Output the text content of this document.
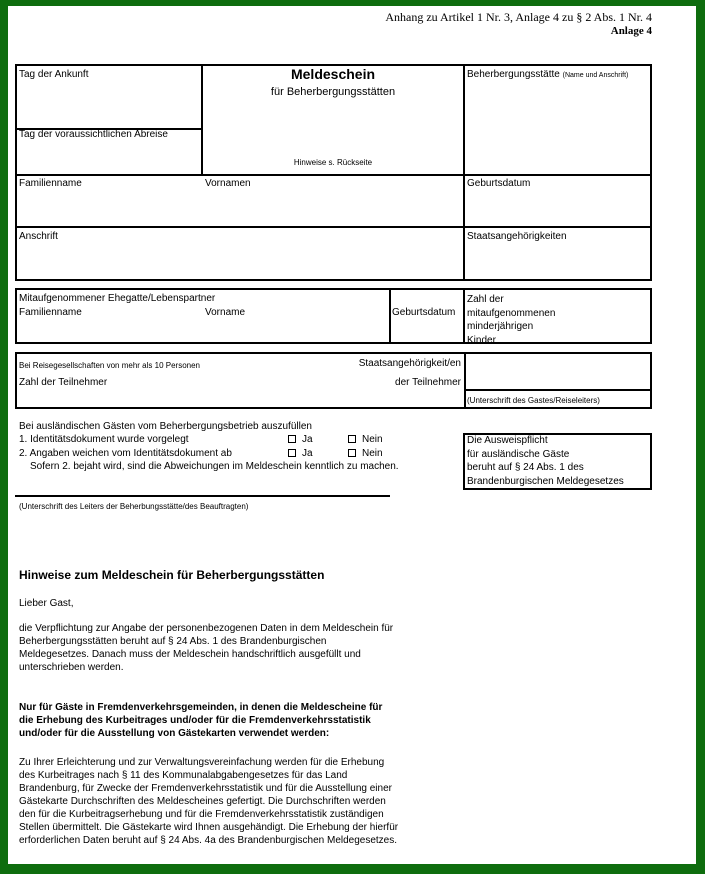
Anhang zu Artikel 1 Nr. 3, Anlage 4 zu § 2 Abs. 1 Nr. 4
Anlage 4
Tag der Ankunft
Tag der voraussichtlichen Abreise
Meldeschein
für Beherbergungsstätten
Hinweise s. Rückseite
Beherbergungsstätte (Name und Anschrift)
Familienname	Vornamen	Geburtsdatum
Anschrift	Staatsangehörigkeiten
Mitaufgenommener Ehegatte/Lebenspartner
Familienname	Vorname	Geburtsdatum
Zahl der
mitaufgenommenen
minderjährigen
Kinder
Bei Reisegesellschaften von mehr als 10 Personen	Staatsangehörigkeit/en
Zahl der Teilnehmer	der Teilnehmer
(Unterschrift des Gastes/Reiseleiters)
Bei ausländischen Gästen vom Beherbergungsbetrieb auszufüllen
1. Identitätsdokument wurde vorgelegt	Ja	Nein
2. Angaben weichen vom Identitätsdokument ab	Ja	Nein
Sofern 2. bejaht wird, sind die Abweichungen im Meldeschein kenntlich zu machen.
Die Ausweispflicht
für ausländische Gäste
beruht auf § 24 Abs. 1 des
Brandenburgischen Meldegesetzes
(Unterschrift des Leiters der Beherbungsstätte/des Beauftragten)
Hinweise zum Meldeschein für Beherbergungsstätten
Lieber Gast,
die Verpflichtung zur Angabe der personenbezogenen Daten in dem Meldeschein für Beherbergungsstätten beruht auf § 24 Abs. 1 des Brandenburgischen Meldegesetzes. Danach muss der Meldeschein handschriftlich ausgefüllt und unterschrieben werden.
Nur für Gäste in Fremdenverkehrsgemeinden, in denen die Meldescheine für die Erhebung des Kurbeitrages und/oder für die Fremdenverkehrsstatistik und/oder für die Ausstellung von Gästekarten verwendet werden:
Zu Ihrer Erleichterung und zur Verwaltungsvereinfachung werden für die Erhebung des Kurbeitrages nach § 11 des Kommunalabgabengesetzes für das Land Brandenburg, für Zwecke der Fremdenverkehrsstatistik und für die Ausstellung einer Gästekarte Durchschriften des Meldescheines gefertigt. Die Durchschriften werden den für die Kurbeitragserhebung und für die Fremdenverkehrsstatistik zuständigen Stellen übermittelt. Die Gästekarte wird Ihnen ausgehändigt. Die Erhebung der hierfür erforderlichen Daten beruht auf § 24 Abs. 4a des Brandenburgischen Meldegesetzes.
